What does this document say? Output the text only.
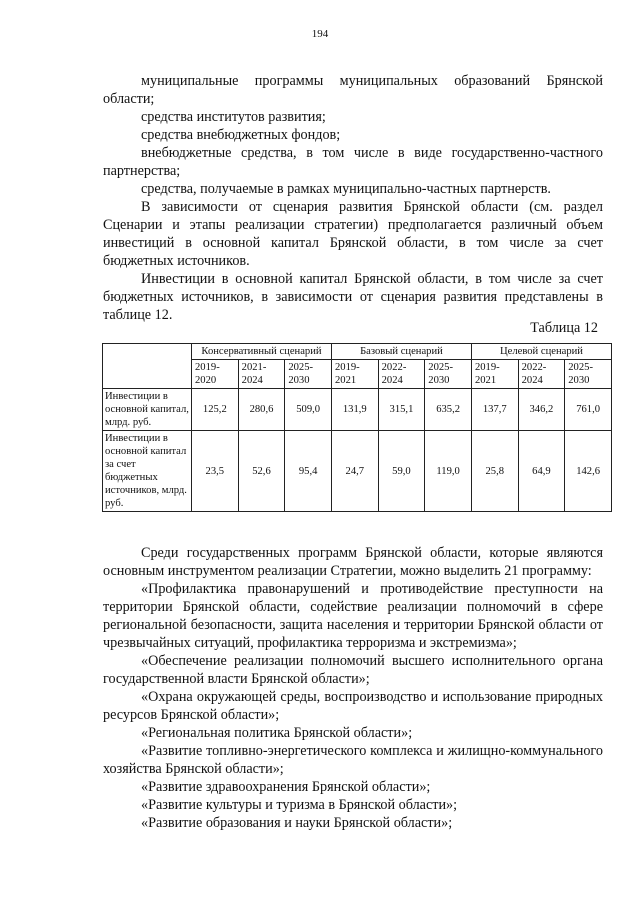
194

муниципальные программы муниципальных образований Брянской области;

средства институтов развития;

средства внебюджетных фондов;

внебюджетные средства, в том числе в виде государственно-частного партнерства;

средства, получаемые в рамках муниципально-частных партнерств.

В зависимости от сценария развития Брянской области (см. раздел Сценарии и этапы реализации стратегии) предполагается различный объем инвестиций в основной капитал Брянской области, в том числе за счет бюджетных источников.

Инвестиции в основной капитал Брянской области, в том числе за счет бюджетных источников, в зависимости от сценария развития представлены в таблице 12.

Таблица 12
	Консервативный сценарий			Базовый сценарий			Целевой сценарий		
	2019-2020	2021-2024	2025-2030	2019-2021	2022-2024	2025-2030	2019-2021	2022-2024	2025-2030
Инвестиции в основной капитал, млрд. руб.	125,2	280,6	509,0	131,9	315,1	635,2	137,7	346,2	761,0
Инвестиции в основной капитал за счет бюджетных источников, млрд. руб.	23,5	52,6	95,4	24,7	59,0	119,0	25,8	64,9	142,6

Среди государственных программ Брянской области, которые являются основным инструментом реализации Стратегии, можно выделить 21 программу:

«Профилактика правонарушений и противодействие преступности на территории Брянской области, содействие реализации полномочий в сфере региональной безопасности, защита населения и территории Брянской области от чрезвычайных ситуаций, профилактика терроризма и экстремизма»;

«Обеспечение реализации полномочий высшего исполнительного органа государственной власти Брянской области»;

«Охрана окружающей среды, воспроизводство и использование природных ресурсов Брянской области»;

«Региональная политика Брянской области»;

«Развитие топливно-энергетического комплекса и жилищно-коммунального хозяйства Брянской области»;

«Развитие здравоохранения Брянской области»;

«Развитие культуры и туризма в Брянской области»;

«Развитие образования и науки Брянской области»;
